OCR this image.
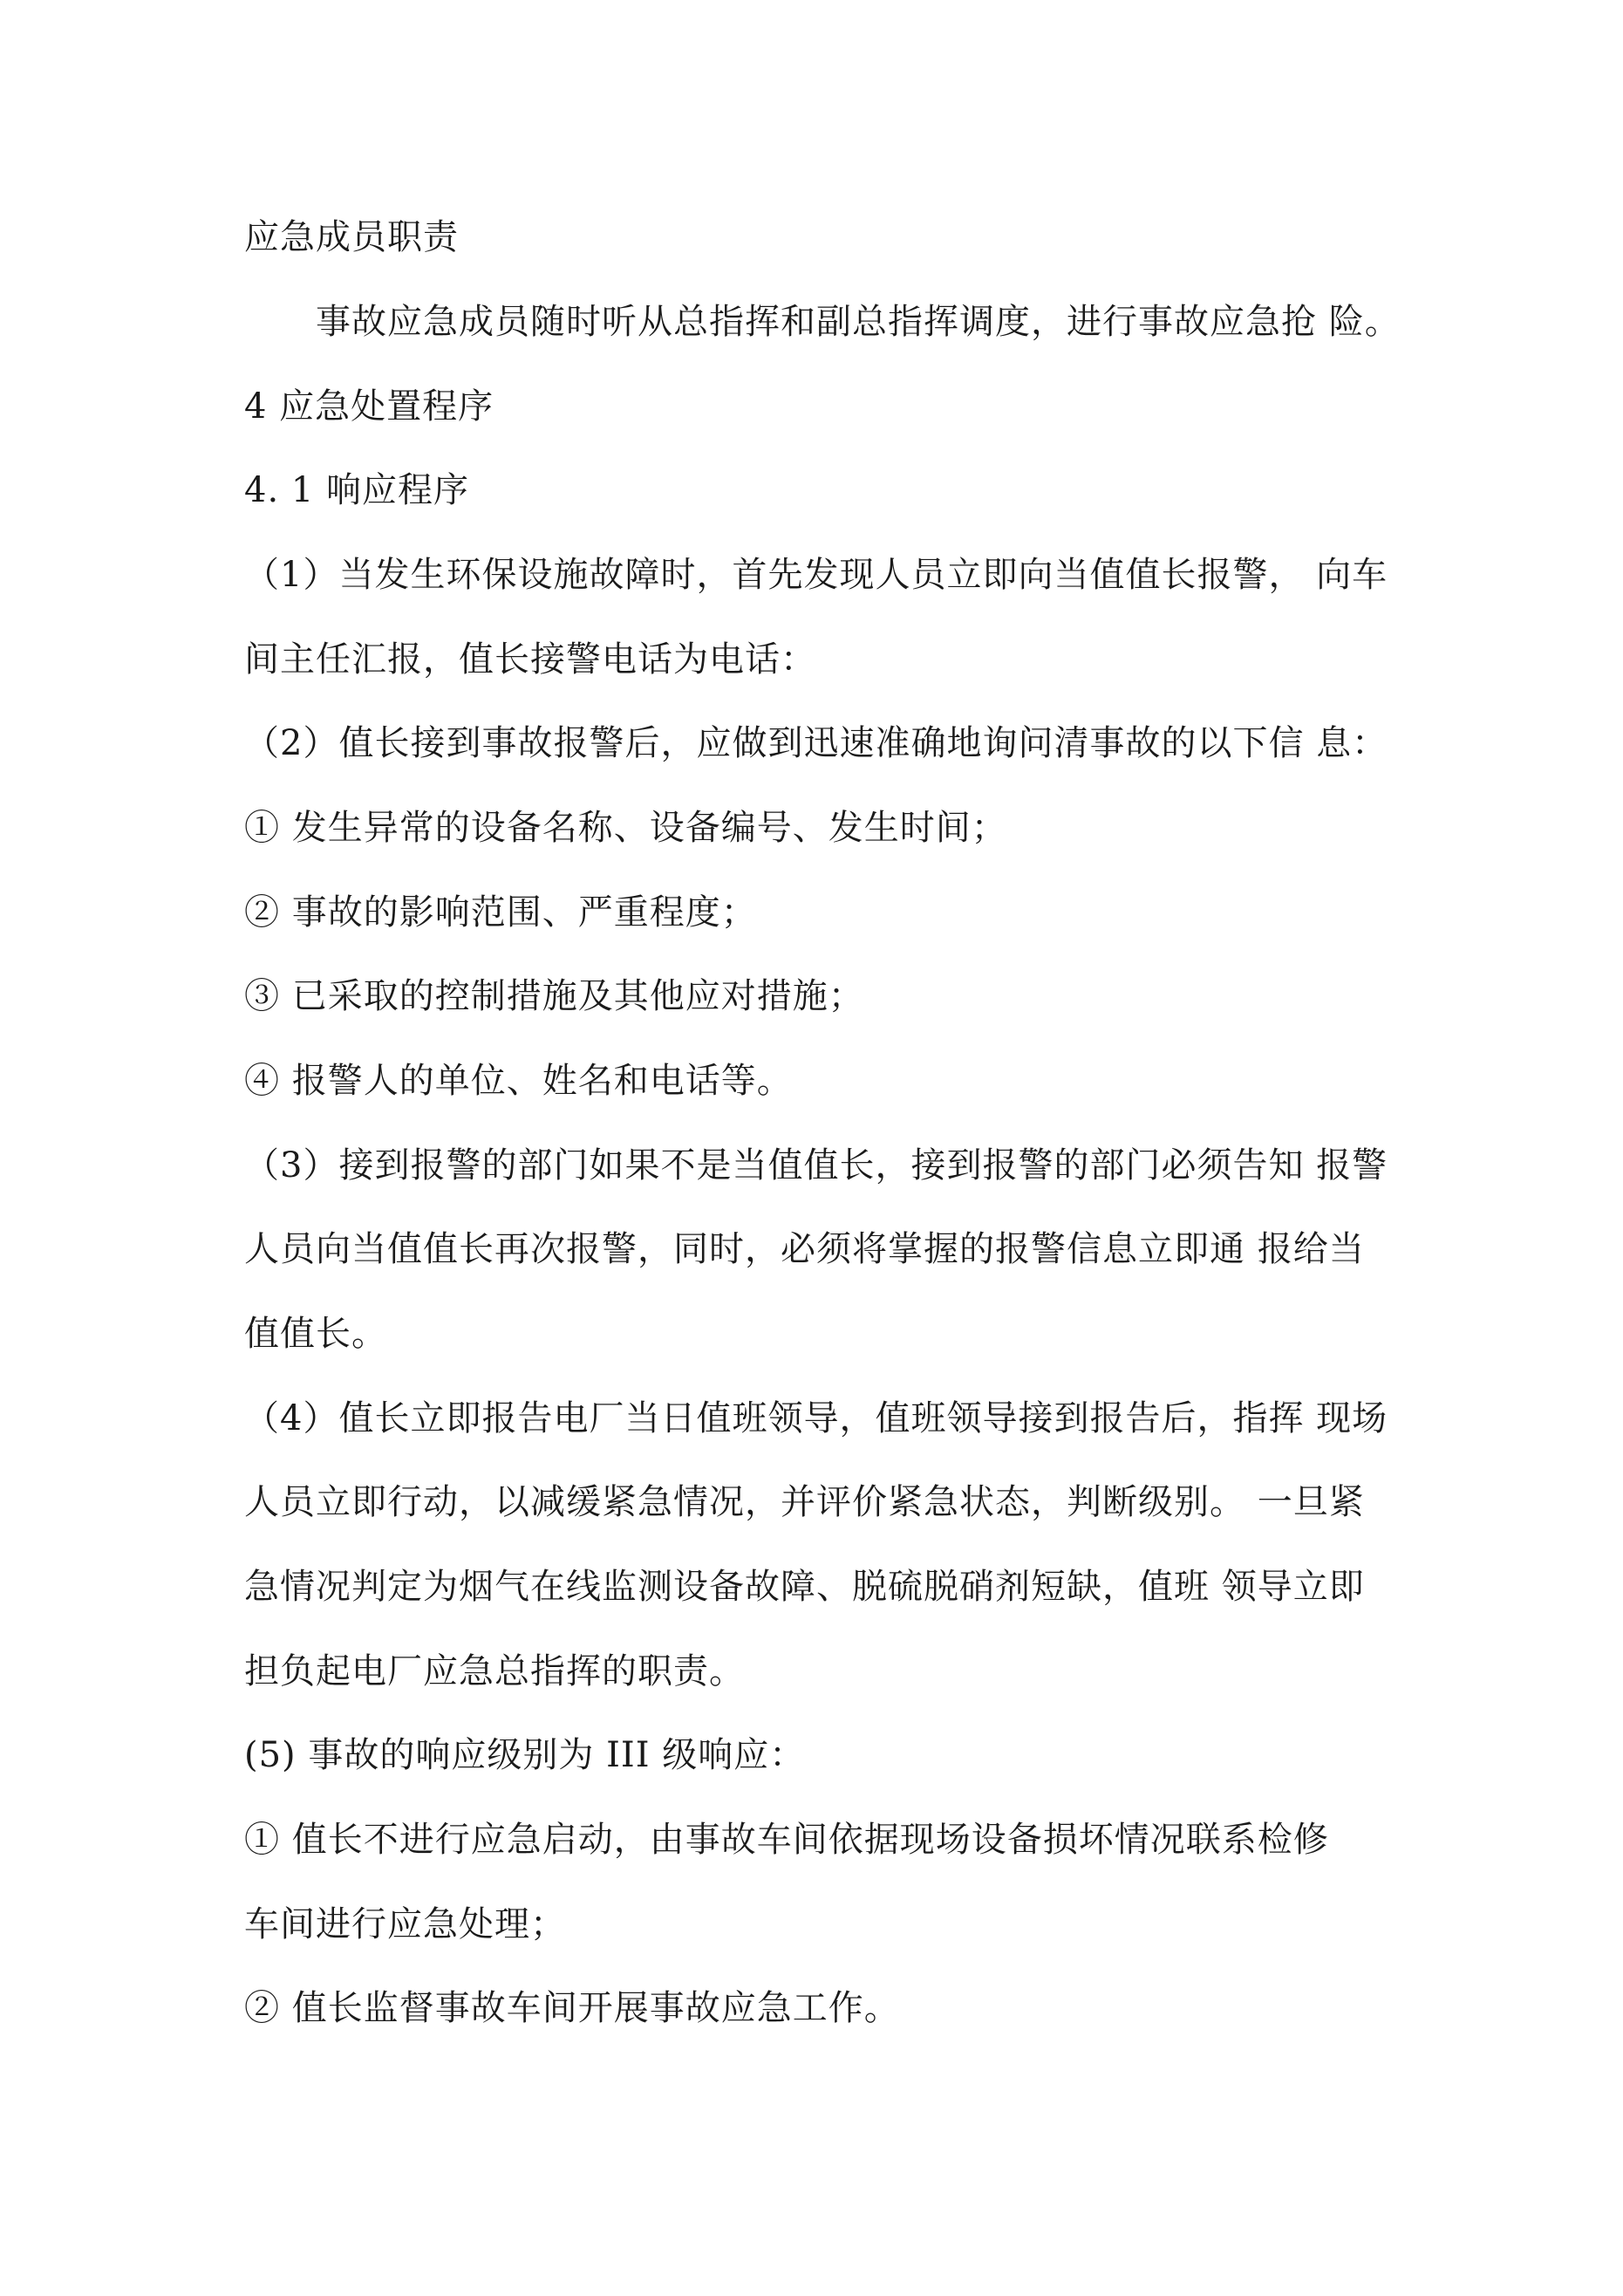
应急成员职责
事故应急成员随时听从总指挥和副总指挥调度，进行事故应急抢 险。
4 应急处置程序
4. 1 响应程序
（1）当发生环保设施故障时，首先发现人员立即向当值值长报警， 向车
间主任汇报，值长接警电话为电话：
（2）值长接到事故报警后，应做到迅速准确地询问清事故的以下信 息：
① 发生异常的设备名称、设备编号、发生时间；
② 事故的影响范围、严重程度；
③ 已采取的控制措施及其他应对措施；
④ 报警人的单位、姓名和电话等。
（3）接到报警的部门如果不是当值值长，接到报警的部门必须告知 报警
人员向当值值长再次报警，同时，必须将掌握的报警信息立即通 报给当
值值长。
（4）值长立即报告电厂当日值班领导，值班领导接到报告后，指挥 现场
人员立即行动，以减缓紧急情况，并评价紧急状态，判断级别。 一旦紧
急情况判定为烟气在线监测设备故障、脱硫脱硝剂短缺，值班 领导立即
担负起电厂应急总指挥的职责。
(5) 事故的响应级别为 III 级响应：
① 值长不进行应急启动，由事故车间依据现场设备损坏情况联系检修
车间进行应急处理；
② 值长监督事故车间开展事故应急工作。
